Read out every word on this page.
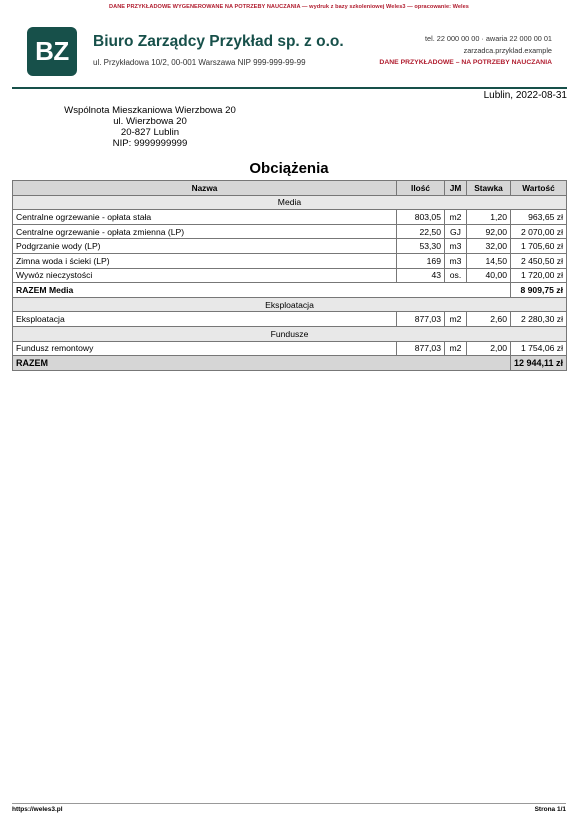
DANE PRZYKŁADOWE WYGENEROWANE NA POTRZEBY NAUCZANIA — wydruk z bazy szkoleniowej Weles3 — opracowanie: Weles
BZ	Biuro Zarządcy Przykład sp. z o.o.
ul. Przykładowa 10/2, 00-001 Warszawa NIP 999-999-99-99
tel. 22 000 00 00 · awaria 22 000 00 01
zarzadca.przyklad.example
DANE PRZYKŁADOWE – NA POTRZEBY NAUCZANIA
Lublin, 2022-08-31
Wspólnota Mieszkaniowa Wierzbowa 20
ul. Wierzbowa 20
20-827 Lublin
NIP: 9999999999
Obciążenia
Nazwa	Ilość	JM	Stawka	Wartość
Media				
Centralne ogrzewanie - opłata stała	803,05	m2	1,20	963,65 zł
Centralne ogrzewanie - opłata zmienna (LP)	22,50	GJ	92,00	2 070,00 zł
Podgrzanie wody (LP)	53,30	m3	32,00	1 705,60 zł
Zimna woda i ścieki (LP)	169	m3	14,50	2 450,50 zł
Wywóz nieczystości	43	os.	40,00	1 720,00 zł
RAZEM Media				8 909,75 zł
Eksploatacja				
Eksploatacja	877,03	m2	2,60	2 280,30 zł
Fundusze				
Fundusz remontowy	877,03	m2	2,00	1 754,06 zł
RAZEM				12 944,11 zł
https://weles3.pl	Strona 1/1
